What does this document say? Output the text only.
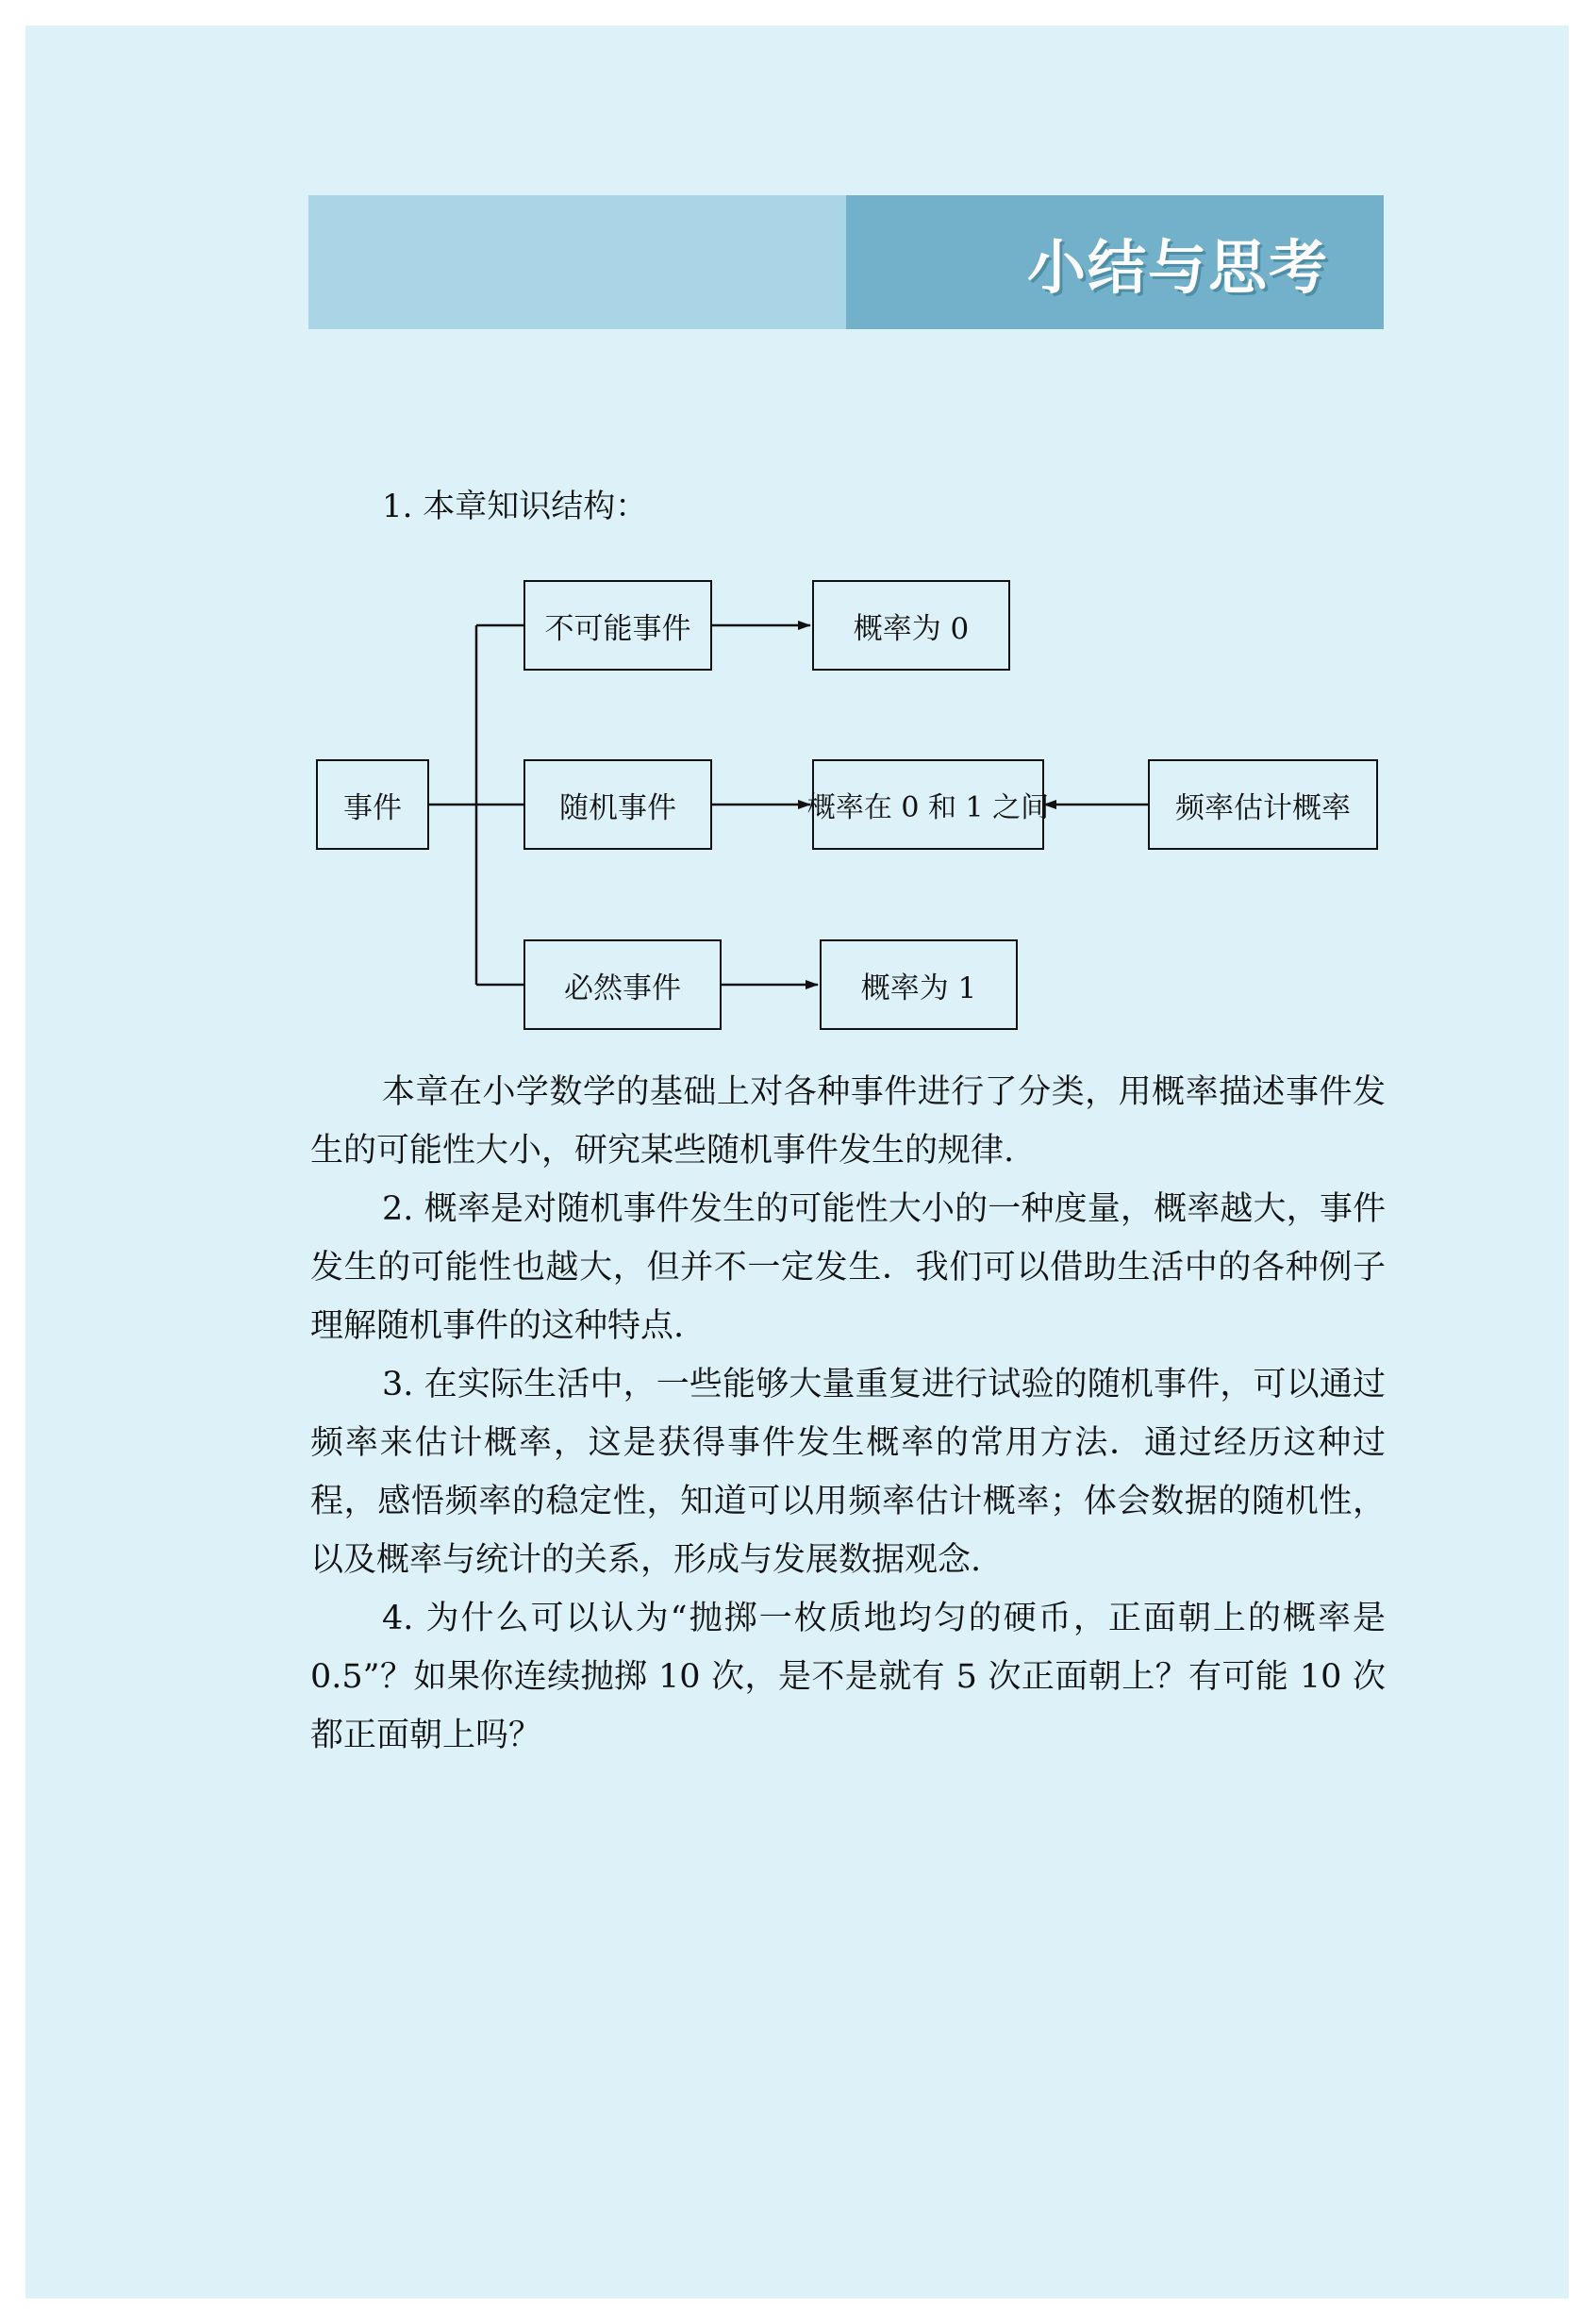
小结与思考
1. 本章知识结构：
事件
不可能事件
随机事件
必然事件
概率为 0
概率在 0 和 1 之间
概率为 1
频率估计概率

本章在小学数学的基础上对各种事件进行了分类，用概率描述事件发生的可能性大小，研究某些随机事件发生的规律.

2. 概率是对随机事件发生的可能性大小的一种度量，概率越大，事件发生的可能性也越大，但并不一定发生．我们可以借助生活中的各种例子理解随机事件的这种特点.

3. 在实际生活中，一些能够大量重复进行试验的随机事件，可以通过频率来估计概率，这是获得事件发生概率的常用方法．通过经历这种过程，感悟频率的稳定性，知道可以用频率估计概率；体会数据的随机性，以及概率与统计的关系，形成与发展数据观念.

4. 为什么可以认为“抛掷一枚质地均匀的硬币，正面朝上的概率是 0.5”？如果你连续抛掷 10 次，是不是就有 5 次正面朝上？有可能 10 次都正面朝上吗？
